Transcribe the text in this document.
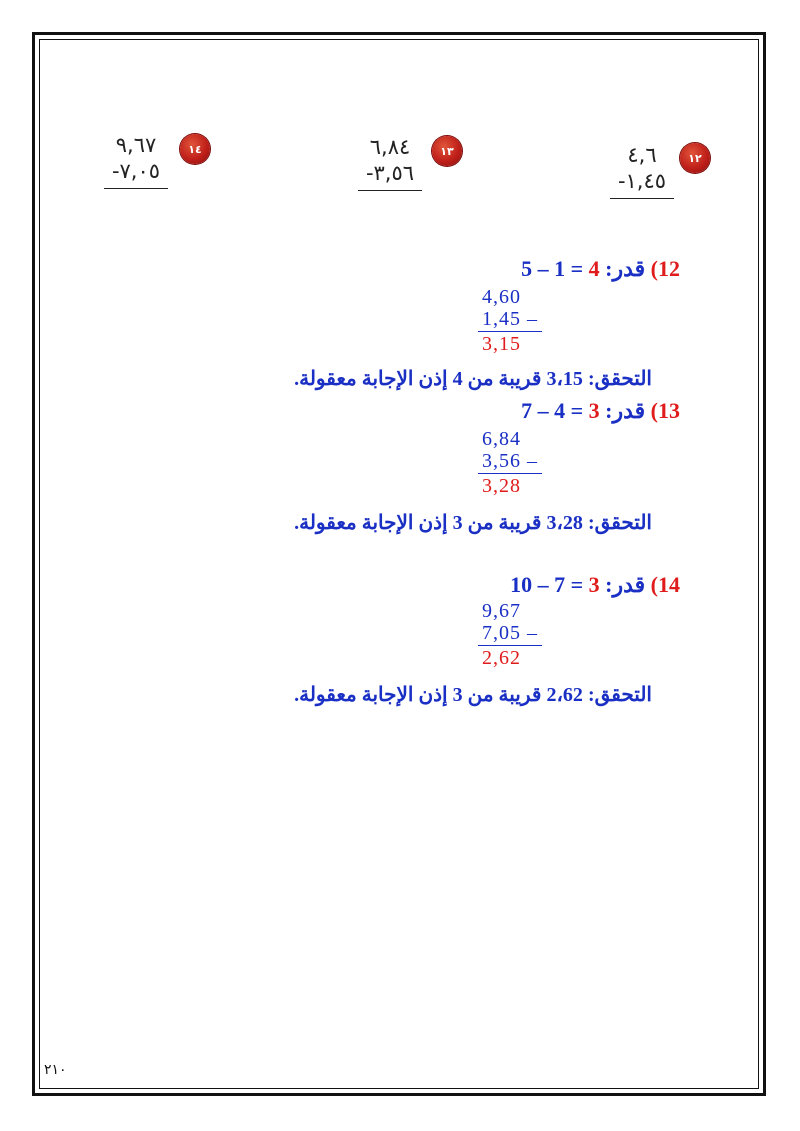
٩,٦٧
٧,٠٥-
١٤	٦,٨٤
٣,٥٦-
١٣	٤,٦
١,٤٥-
١٢
12) قدر: 5 – 1 = 4
4,60
1,45 –
3,15
التحقق: 3،15 قريبة من 4 إذن الإجابة معقولة.
13) قدر: 7 – 4 = 3
6,84
3,56 –
3,28
التحقق: 3،28 قريبة من 3 إذن الإجابة معقولة.
14) قدر: 10 – 7 = 3
9,67
7,05 –
2,62
التحقق: 2،62 قريبة من 3 إذن الإجابة معقولة.
٢١٠
